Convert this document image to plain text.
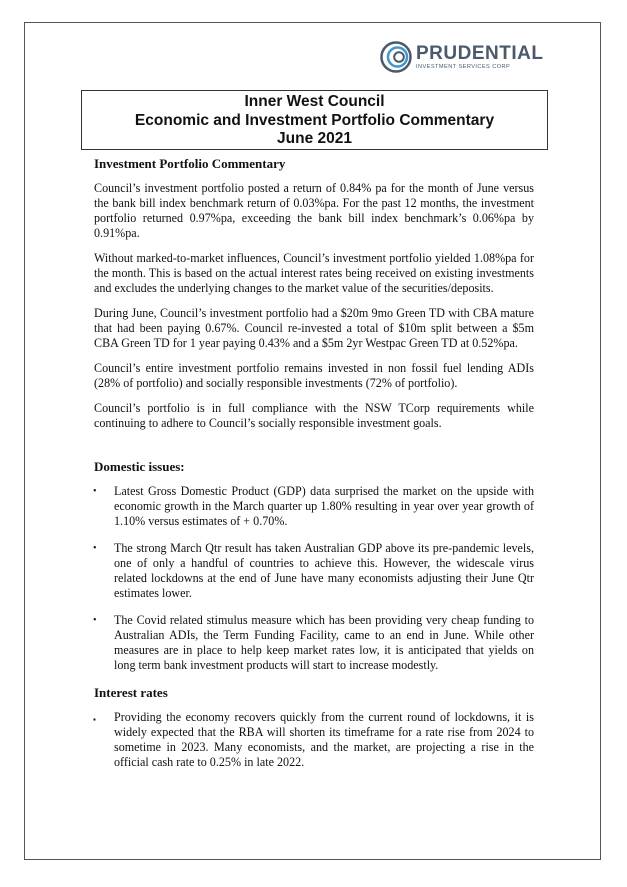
PRUDENTIAL
INVESTMENT SERVICES CORP
Inner West Council
Economic and Investment Portfolio Commentary
June 2021
Investment Portfolio Commentary

Council’s investment portfolio posted a return of 0.84% pa for the month of June versus the bank bill index benchmark return of 0.03%pa. For the past 12 months, the investment portfolio returned 0.97%pa, exceeding the bank bill index benchmark’s 0.06%pa by 0.91%pa.

Without marked-to-market influences, Council’s investment portfolio yielded 1.08%pa for the month. This is based on the actual interest rates being received on existing investments and excludes the underlying changes to the market value of the securities/deposits.

During June, Council’s investment portfolio had a $20m 9mo Green TD with CBA mature that had been paying 0.67%. Council re-invested a total of $10m split between a $5m CBA Green TD for 1 year paying 0.43% and a $5m 2yr Westpac Green TD at 0.52%pa.

Council’s entire investment portfolio remains invested in non fossil fuel lending ADIs (28% of portfolio) and socially responsible investments (72% of portfolio).

Council’s portfolio is in full compliance with the NSW TCorp requirements while continuing to adhere to Council’s socially responsible investment goals.

Domestic issues:
• Latest Gross Domestic Product (GDP) data surprised the market on the upside with economic growth in the March quarter up 1.80% resulting in year over year growth of 1.10% versus estimates of + 0.70%.
• The strong March Qtr result has taken Australian GDP above its pre-pandemic levels, one of only a handful of countries to achieve this. However, the widescale virus related lockdowns at the end of June have many economists adjusting their June Qtr estimates lower.
• The Covid related stimulus measure which has been providing very cheap funding to Australian ADIs, the Term Funding Facility, came to an end in June. While other measures are in place to help keep market rates low, it is anticipated that yields on long term bank investment products will start to increase modestly.
Interest rates
▪ Providing the economy recovers quickly from the current round of lockdowns, it is widely expected that the RBA will shorten its timeframe for a rate rise from 2024 to sometime in 2023. Many economists, and the market, are projecting a rise in the official cash rate to 0.25% in late 2022.
